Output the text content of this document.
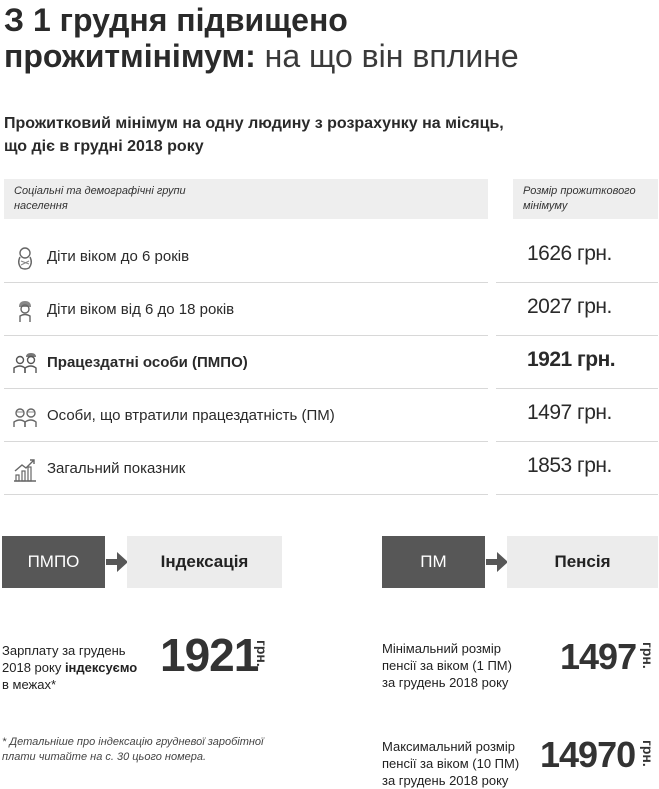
З 1 грудня підвищено
прожитмінімум: на що він вплине
Прожитковий мінімум на одну людину з розрахунку на місяць,
що діє в грудні 2018 року
Соціальні та демографічні групи
населення
Розмір прожиткового
мінімуму
Діти віком до 6 років	1626 грн.
Діти віком від 6 до 18 років	2027 грн.
Працездатні особи (ПМПО)	1921 грн.
Особи, що втратили працездатність (ПМ)	1497 грн.
Загальний показник	1853 грн.
ПМПО	Індексація	ПМ	Пенсія
Зарплату за грудень
2018 року індексуємо
в межах*
1921
грн.	Мінімальний розмір
пенсії за віком (1 ПМ)
за грудень 2018 року
1497 грн.
* Детальніше про індексацію грудневої заробітної
плати читайте на с. 30 цього номера.
Максимальний розмір
пенсії за віком (10 ПМ)
за грудень 2018 року
14970 грн.
